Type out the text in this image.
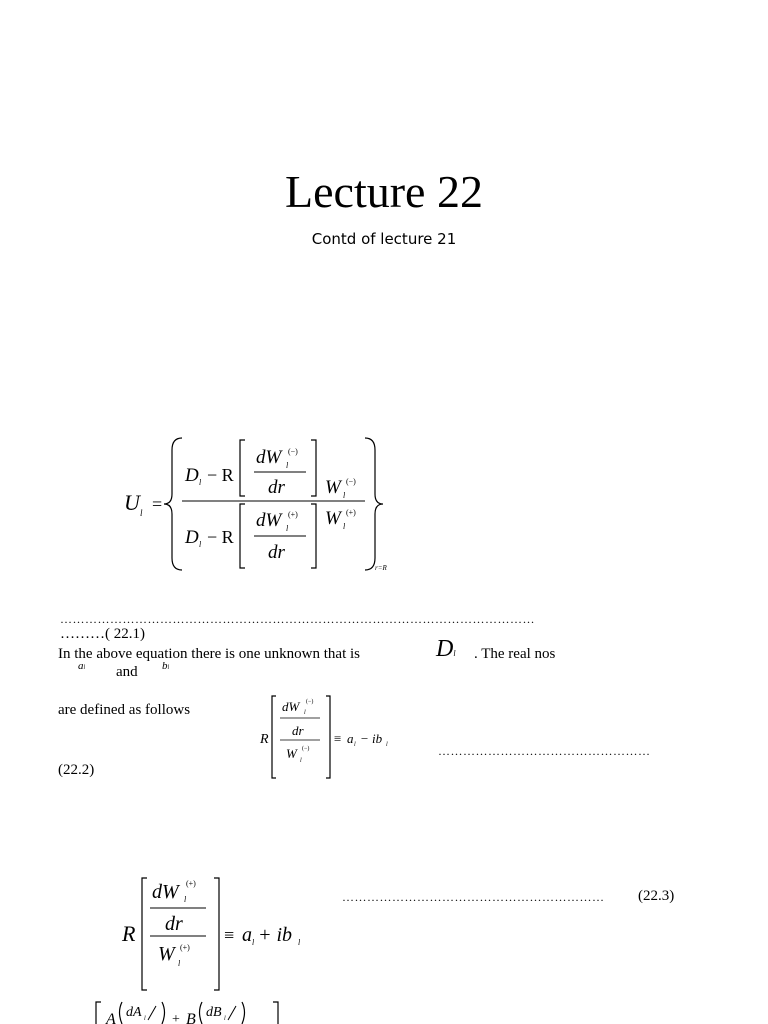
Lecture 22
Contd of lecture 21
U l =
D l − R
dW (−)
l
dr W (−)
l
D l − R
dW (+)
l
dr
W (+)
l
r=R
……………………………………………………………………………………………………
………( 22.1)
In the above equation there is one unknown that is	Dl . The real nos
al	bl
and
are defined as follows
R
dW (−)
l
dr
W (−)
l
≡ a l − ib l	……………………………………………
(22.2)
R
dW (+)
l
dr
W (+)
l
≡ a l + ib l
………………………………………………………	(22.3)
A dA l + B dB l
